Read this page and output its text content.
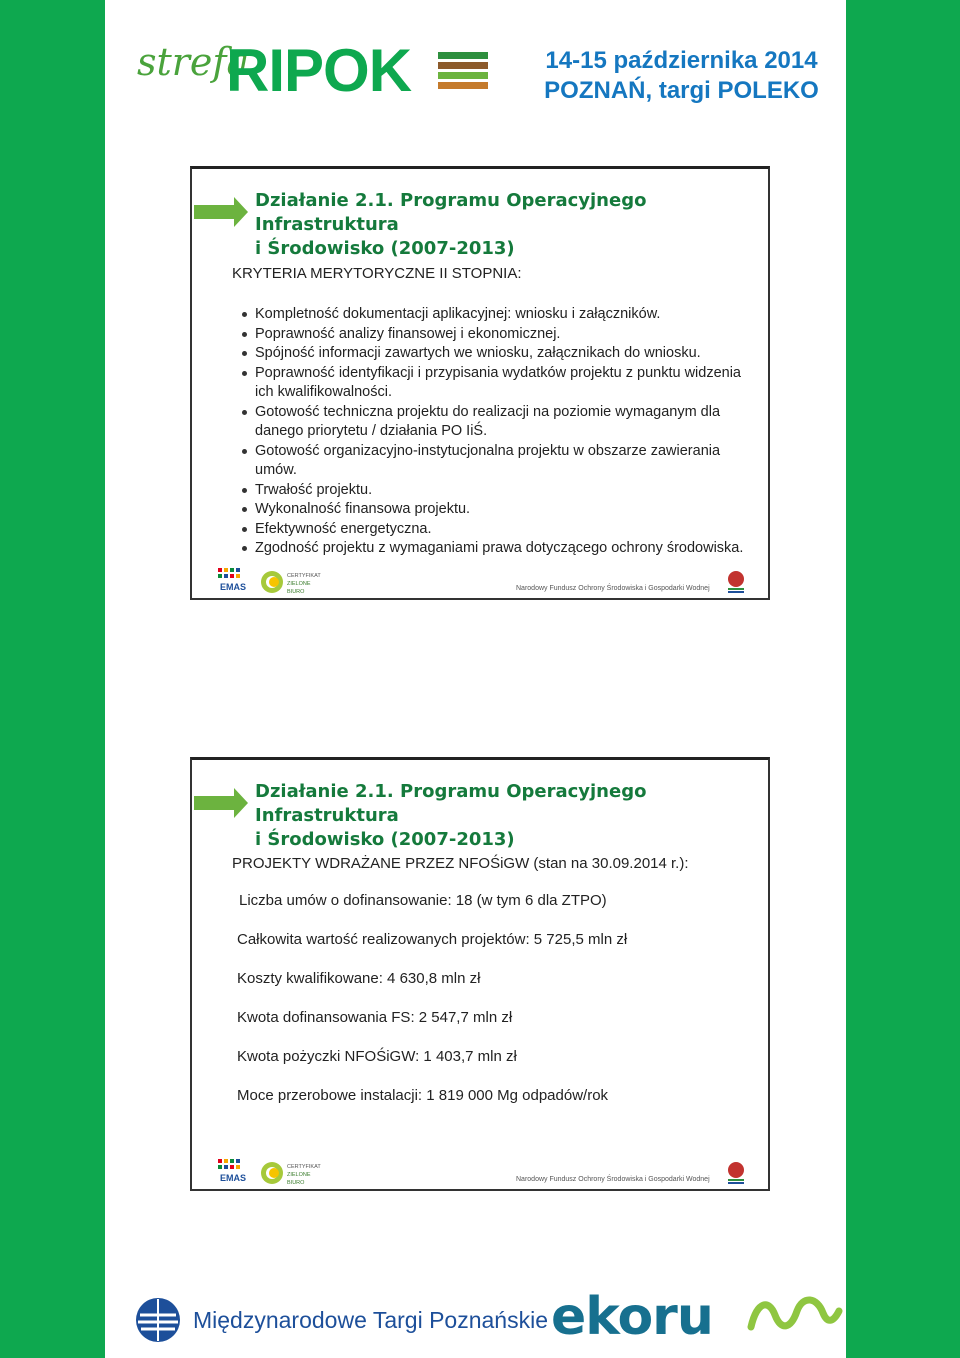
strefa
RIPOK	14-15 października 2014
POZNAŃ, targi POLEKO
Działanie 2.1. Programu Operacyjnego Infrastruktura
i Środowisko (2007-2013)
KRYTERIA MERYTORYCZNE II STOPNIA:
Kompletność dokumentacji aplikacyjnej: wniosku i załączników.
Poprawność analizy finansowej i ekonomicznej.
Spójność informacji zawartych we wniosku, załącznikach do wniosku.
Poprawność identyfikacji i przypisania wydatków projektu z punktu widzenia ich kwalifikowalności.
Gotowość techniczna projektu do realizacji na poziomie wymaganym dla danego priorytetu / działania PO IiŚ.
Gotowość organizacyjno-instytucjonalna projektu w obszarze zawierania umów.
Trwałość projektu.
Wykonalność finansowa projektu.
Efektywność energetyczna.
Zgodność projektu z wymaganiami prawa dotyczącego ochrony środowiska.
EMAS
CERTYFIKAT
ZIELONE
BIURO	Narodowy Fundusz Ochrony Środowiska i Gospodarki Wodnej
Działanie 2.1. Programu Operacyjnego Infrastruktura
i Środowisko (2007-2013)
PROJEKTY WDRAŻANE PRZEZ NFOŚiGW (stan na 30.09.2014 r.):
Liczba umów o dofinansowanie: 18 (w tym 6 dla ZTPO)
Całkowita wartość realizowanych projektów: 5 725,5 mln zł
Koszty kwalifikowane: 4 630,8 mln zł
Kwota dofinansowania FS: 2 547,7 mln zł
Kwota pożyczki NFOŚiGW: 1 403,7 mln zł
Moce przerobowe instalacji: 1 819 000 Mg odpadów/rok
EMAS
CERTYFIKAT
ZIELONE
BIURO	Narodowy Fundusz Ochrony Środowiska i Gospodarki Wodnej
Międzynarodowe Targi Poznańskie ekoru
